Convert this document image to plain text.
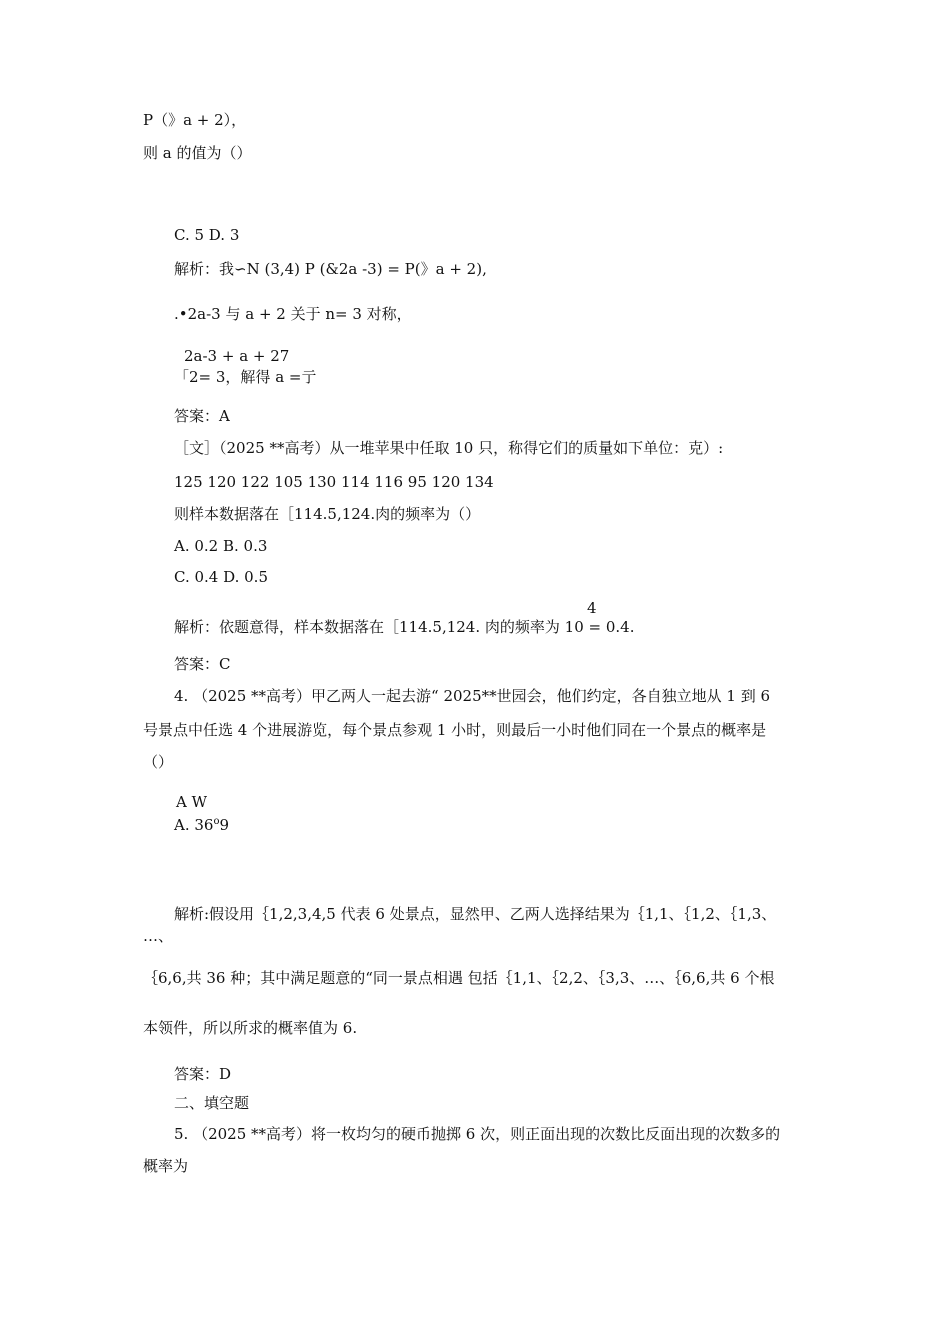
P（》a + 2），
则 a 的值为（）
C. 5 D. 3
解析：我∽N (3,4) P (&2a -3) = P(》a + 2),
.•2a-3 与 a + 2 关于 n= 3 对称，
2a-3 + a + 27
「2= 3，解得 a =亍
答案：A
［文］（2025 **高考）从一堆苹果中任取 10 只，称得它们的质量如下单位：克）:
125 120 122 105 130 114 116 95 120 134
则样本数据落在［114.5,124.肉的频率为（）
A. 0.2 B. 0.3
C. 0.4 D. 0.5
4
解析：依题意得，样本数据落在［114.5,124. 肉的频率为 10 = 0.4.
答案：C
4. （2025 **高考）甲乙两人一起去游“ 2025**世园会，他们约定，各自独立地从 1 到 6
号景点中任选 4 个进展游览，每个景点参观 1 小时，则最后一小时他们同在一个景点的概率是
（）
A W
A. 36$^o$9
解析:假设用｛1,2,3,4,5 代表 6 处景点，显然甲、乙两人选择结果为｛1,1、｛1,2、｛1,3、
…、
｛6,6,共 36 种；其中满足题意的“同一景点相遇 包括｛1,1、｛2,2、｛3,3、…、｛6,6,共 6 个根
本领件，所以所求的概率值为 6.
答案：D
二、填空题
5. （2025 **高考）将一枚均匀的硬币抛掷 6 次，则正面出现的次数比反面出现的次数多的
概率为
